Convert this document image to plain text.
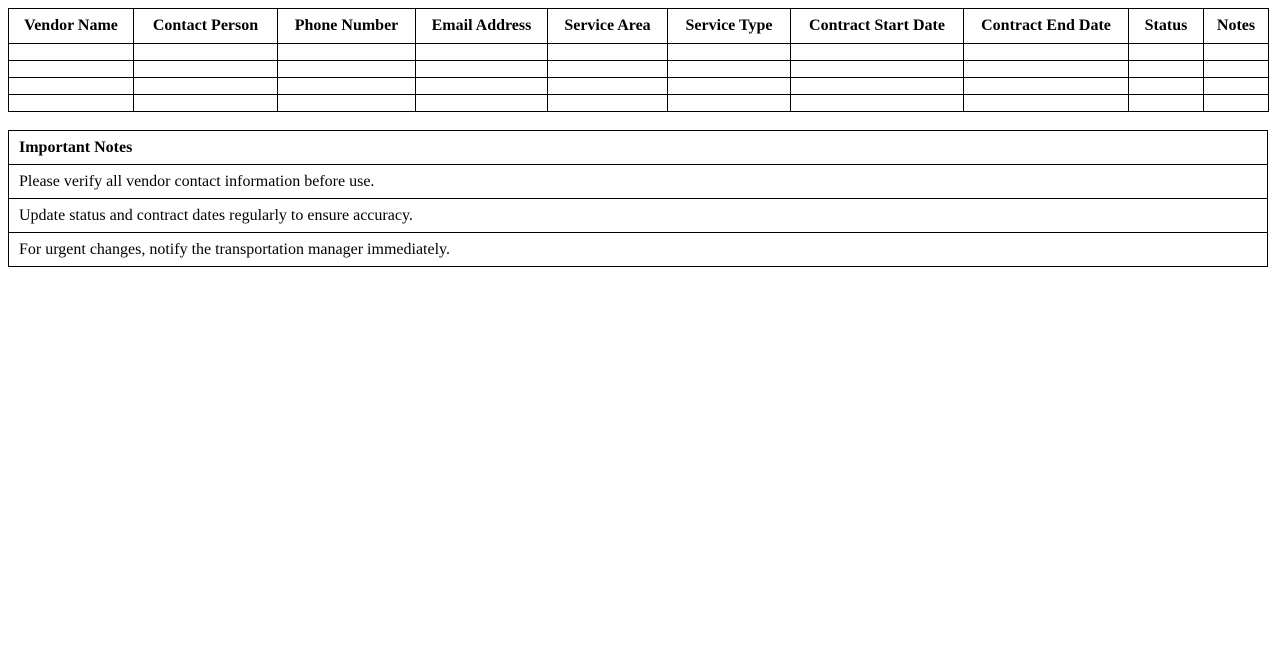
Vendor Name	Contact Person	Phone Number	Email Address	Service Area	Service Type	Contract Start Date	Contract End Date	Status	Notes

Important Notes
Please verify all vendor contact information before use.
Update status and contract dates regularly to ensure accuracy.
For urgent changes, notify the transportation manager immediately.
